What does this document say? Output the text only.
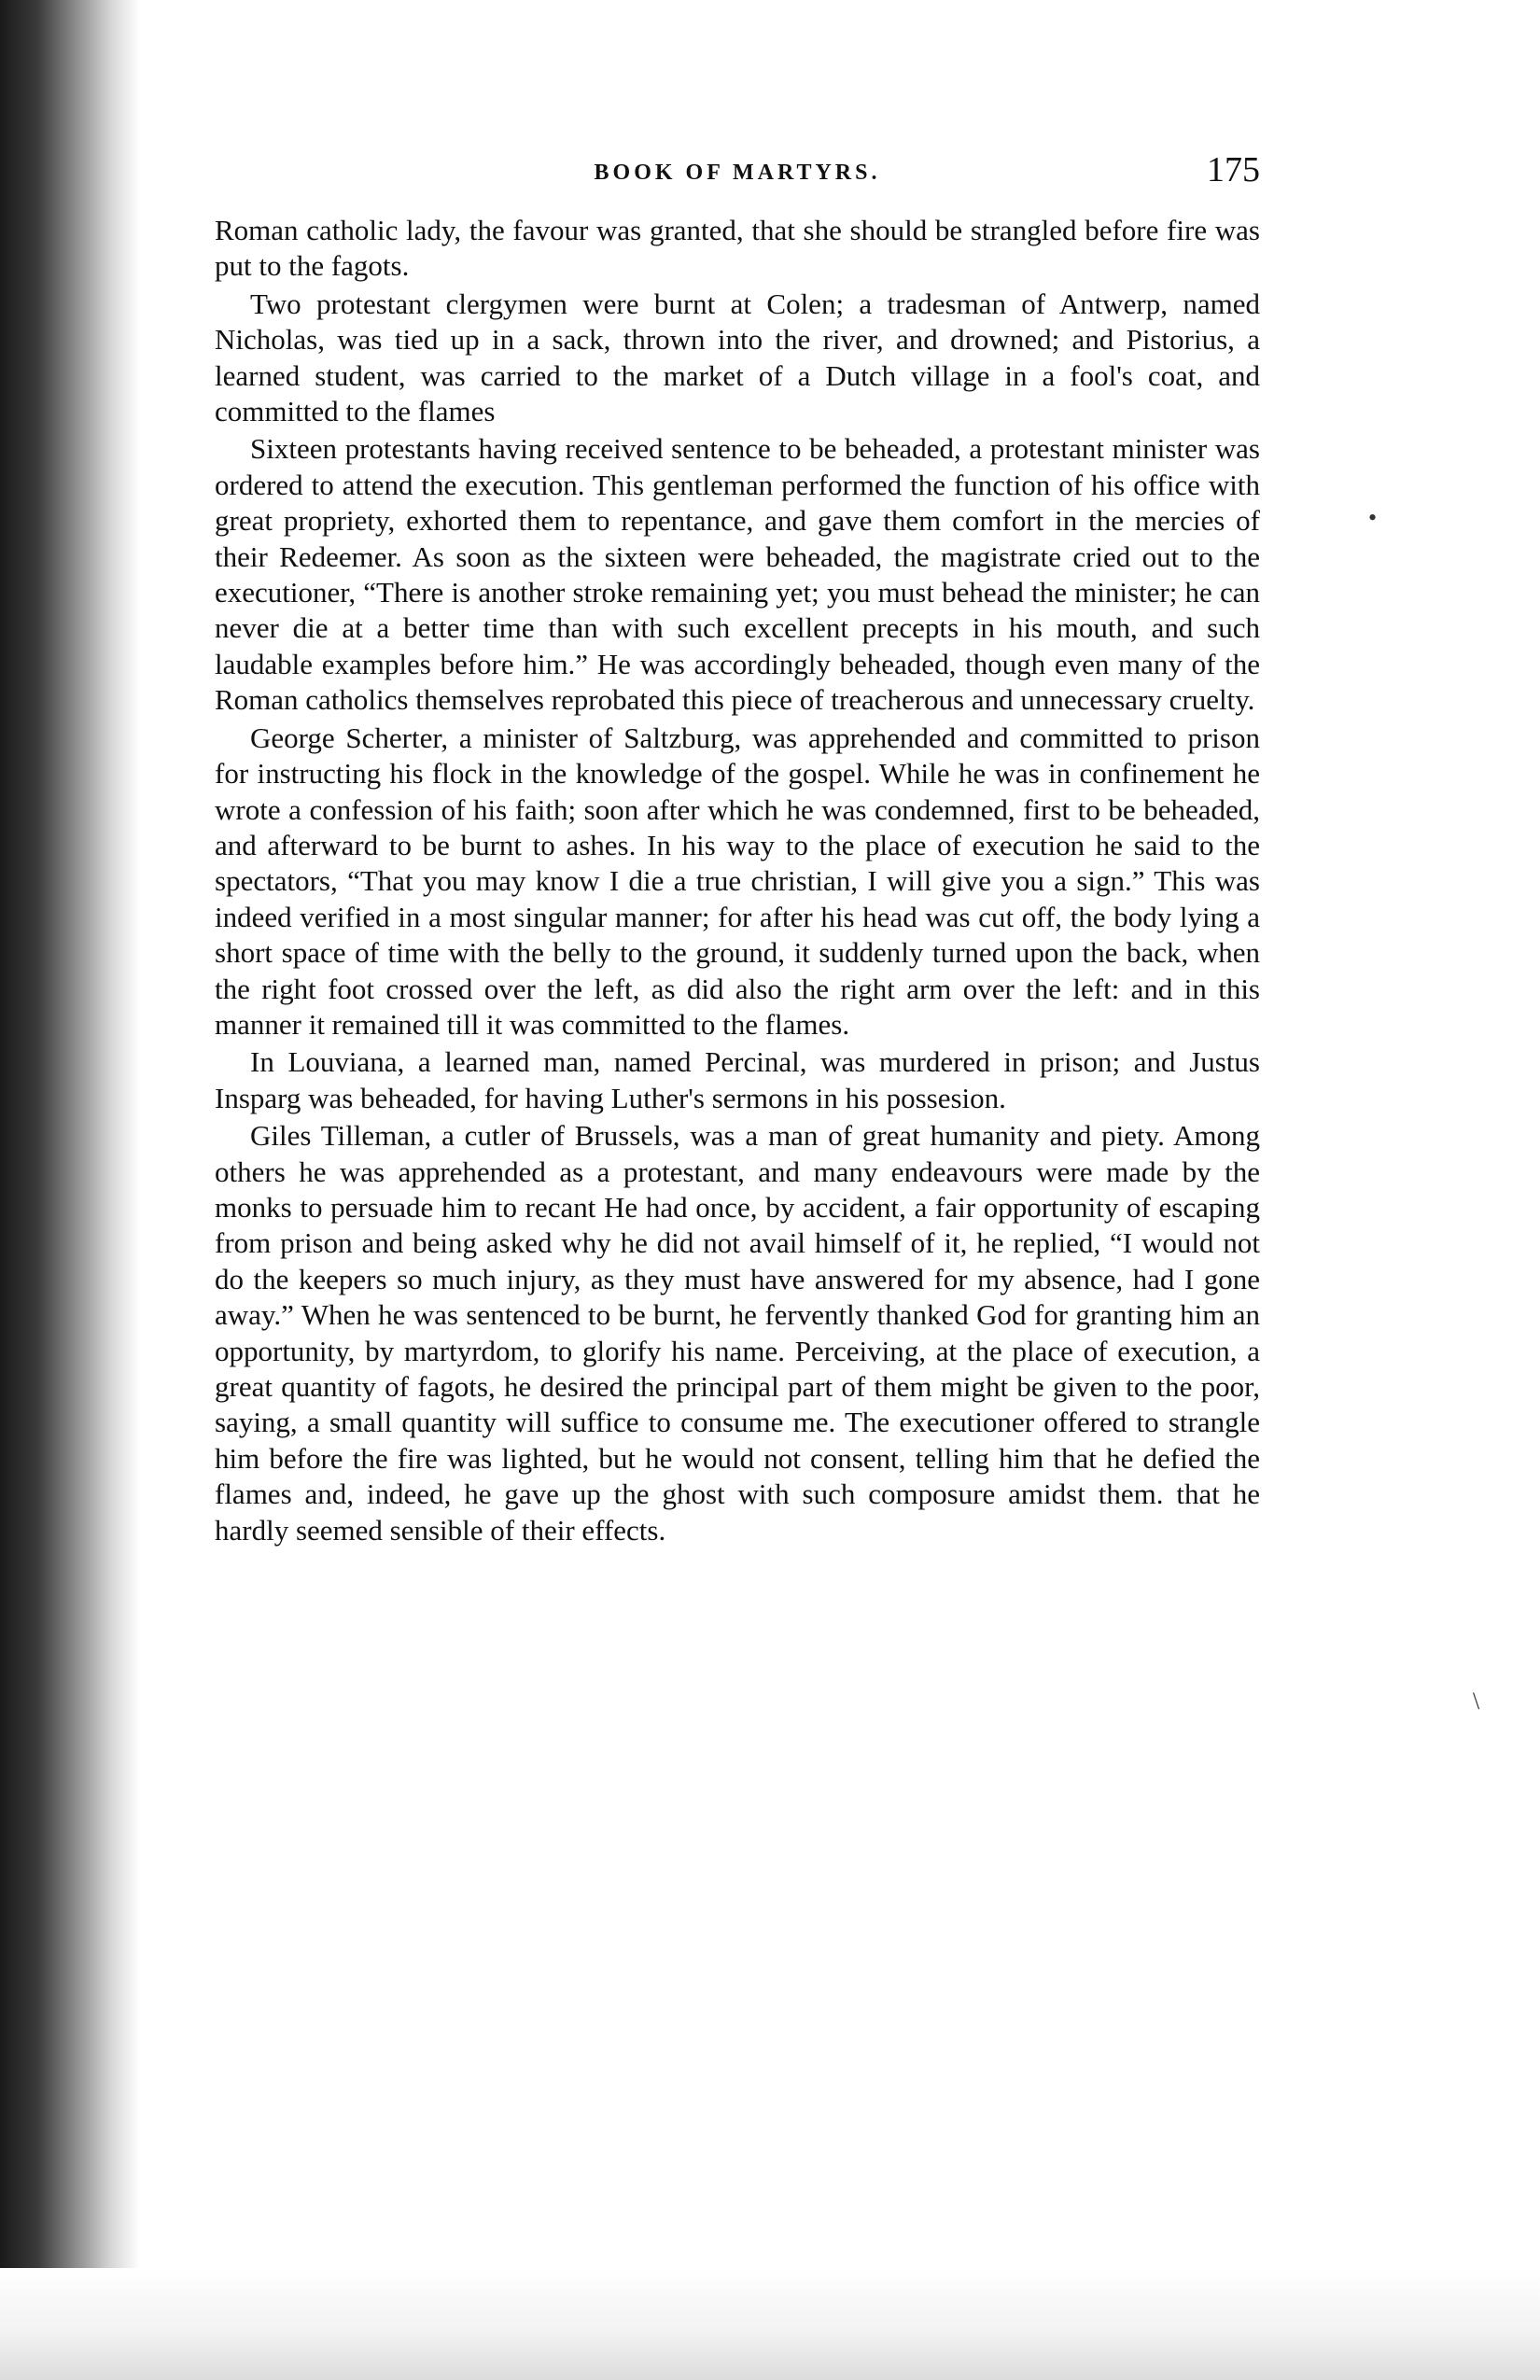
BOOK OF MARTYRS.	175

Roman catholic lady, the favour was granted, that she should be strangled before fire was put to the fagots.

Two protestant clergymen were burnt at Colen; a tradesman of Antwerp, named Nicholas, was tied up in a sack, thrown into the river, and drowned; and Pistorius, a learned student, was carried to the market of a Dutch village in a fool's coat, and committed to the flames

Sixteen protestants having received sentence to be beheaded, a protestant minister was ordered to attend the execution. This gentleman performed the function of his office with great propriety, exhorted them to repentance, and gave them comfort in the mercies of their Redeemer. As soon as the sixteen were beheaded, the magistrate cried out to the executioner, “There is another stroke remaining yet; you must behead the minister; he can never die at a better time than with such excellent precepts in his mouth, and such laudable examples before him.” He was accordingly beheaded, though even many of the Roman catholics themselves reprobated this piece of treacherous and unnecessary cruelty.

George Scherter, a minister of Saltzburg, was apprehended and committed to prison for instructing his flock in the knowledge of the gospel. While he was in confinement he wrote a confession of his faith; soon after which he was condemned, first to be beheaded, and afterward to be burnt to ashes. In his way to the place of execution he said to the spectators, “That you may know I die a true christian, I will give you a sign.” This was indeed verified in a most singular manner; for after his head was cut off, the body lying a short space of time with the belly to the ground, it suddenly turned upon the back, when the right foot crossed over the left, as did also the right arm over the left: and in this manner it remained till it was committed to the flames.

In Louviana, a learned man, named Percinal, was murdered in prison; and Justus Insparg was beheaded, for having Luther's sermons in his possesion.

Giles Tilleman, a cutler of Brussels, was a man of great humanity and piety. Among others he was apprehended as a protestant, and many endeavours were made by the monks to persuade him to recant He had once, by accident, a fair opportunity of escaping from prison and being asked why he did not avail himself of it, he replied, “I would not do the keepers so much injury, as they must have answered for my absence, had I gone away.” When he was sentenced to be burnt, he fervently thanked God for granting him an opportunity, by martyrdom, to glorify his name. Perceiving, at the place of execution, a great quantity of fagots, he desired the principal part of them might be given to the poor, saying, a small quantity will suffice to consume me. The executioner offered to strangle him before the fire was lighted, but he would not consent, telling him that he defied the flames and, indeed, he gave up the ghost with such composure amidst them. that he hardly seemed sensible of their effects.

•
\
